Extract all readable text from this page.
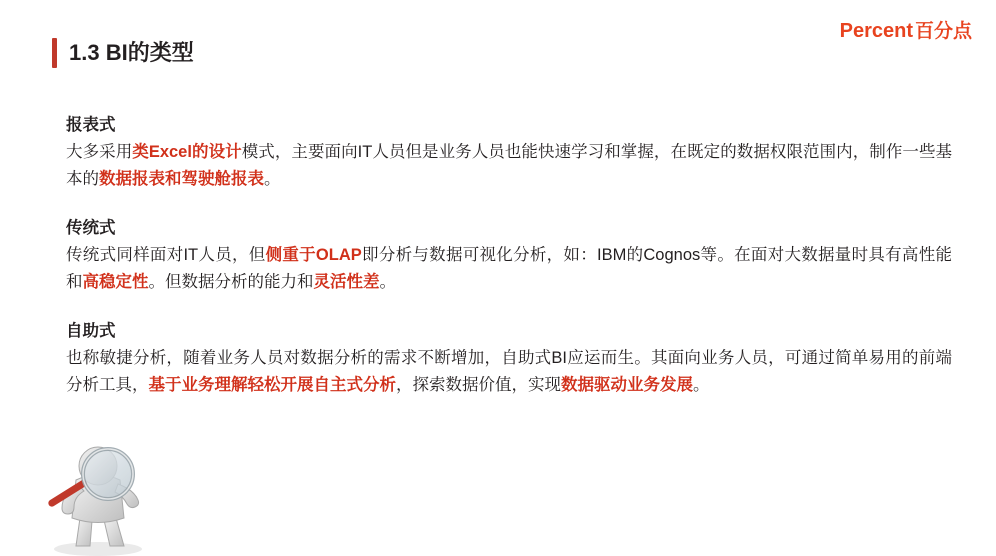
Percent 百分点
1.3 BI的类型
报表式
大多采用类Excel的设计模式，主要面向IT人员但是业务人员也能快速学习和掌握，在既定的数据权限范围内，制作一些基本的数据报表和驾驶舱报表。
传统式
传统式同样面对IT人员，但侧重于OLAP即分析与数据可视化分析，如：IBM的Cognos等。在面对大数据量时具有高性能和高稳定性。但数据分析的能力和灵活性差。
自助式
也称敏捷分析，随着业务人员对数据分析的需求不断增加，自助式BI应运而生。其面向业务人员，可通过简单易用的前端分析工具，基于业务理解轻松开展自主式分析，探索数据价值，实现数据驱动业务发展。
